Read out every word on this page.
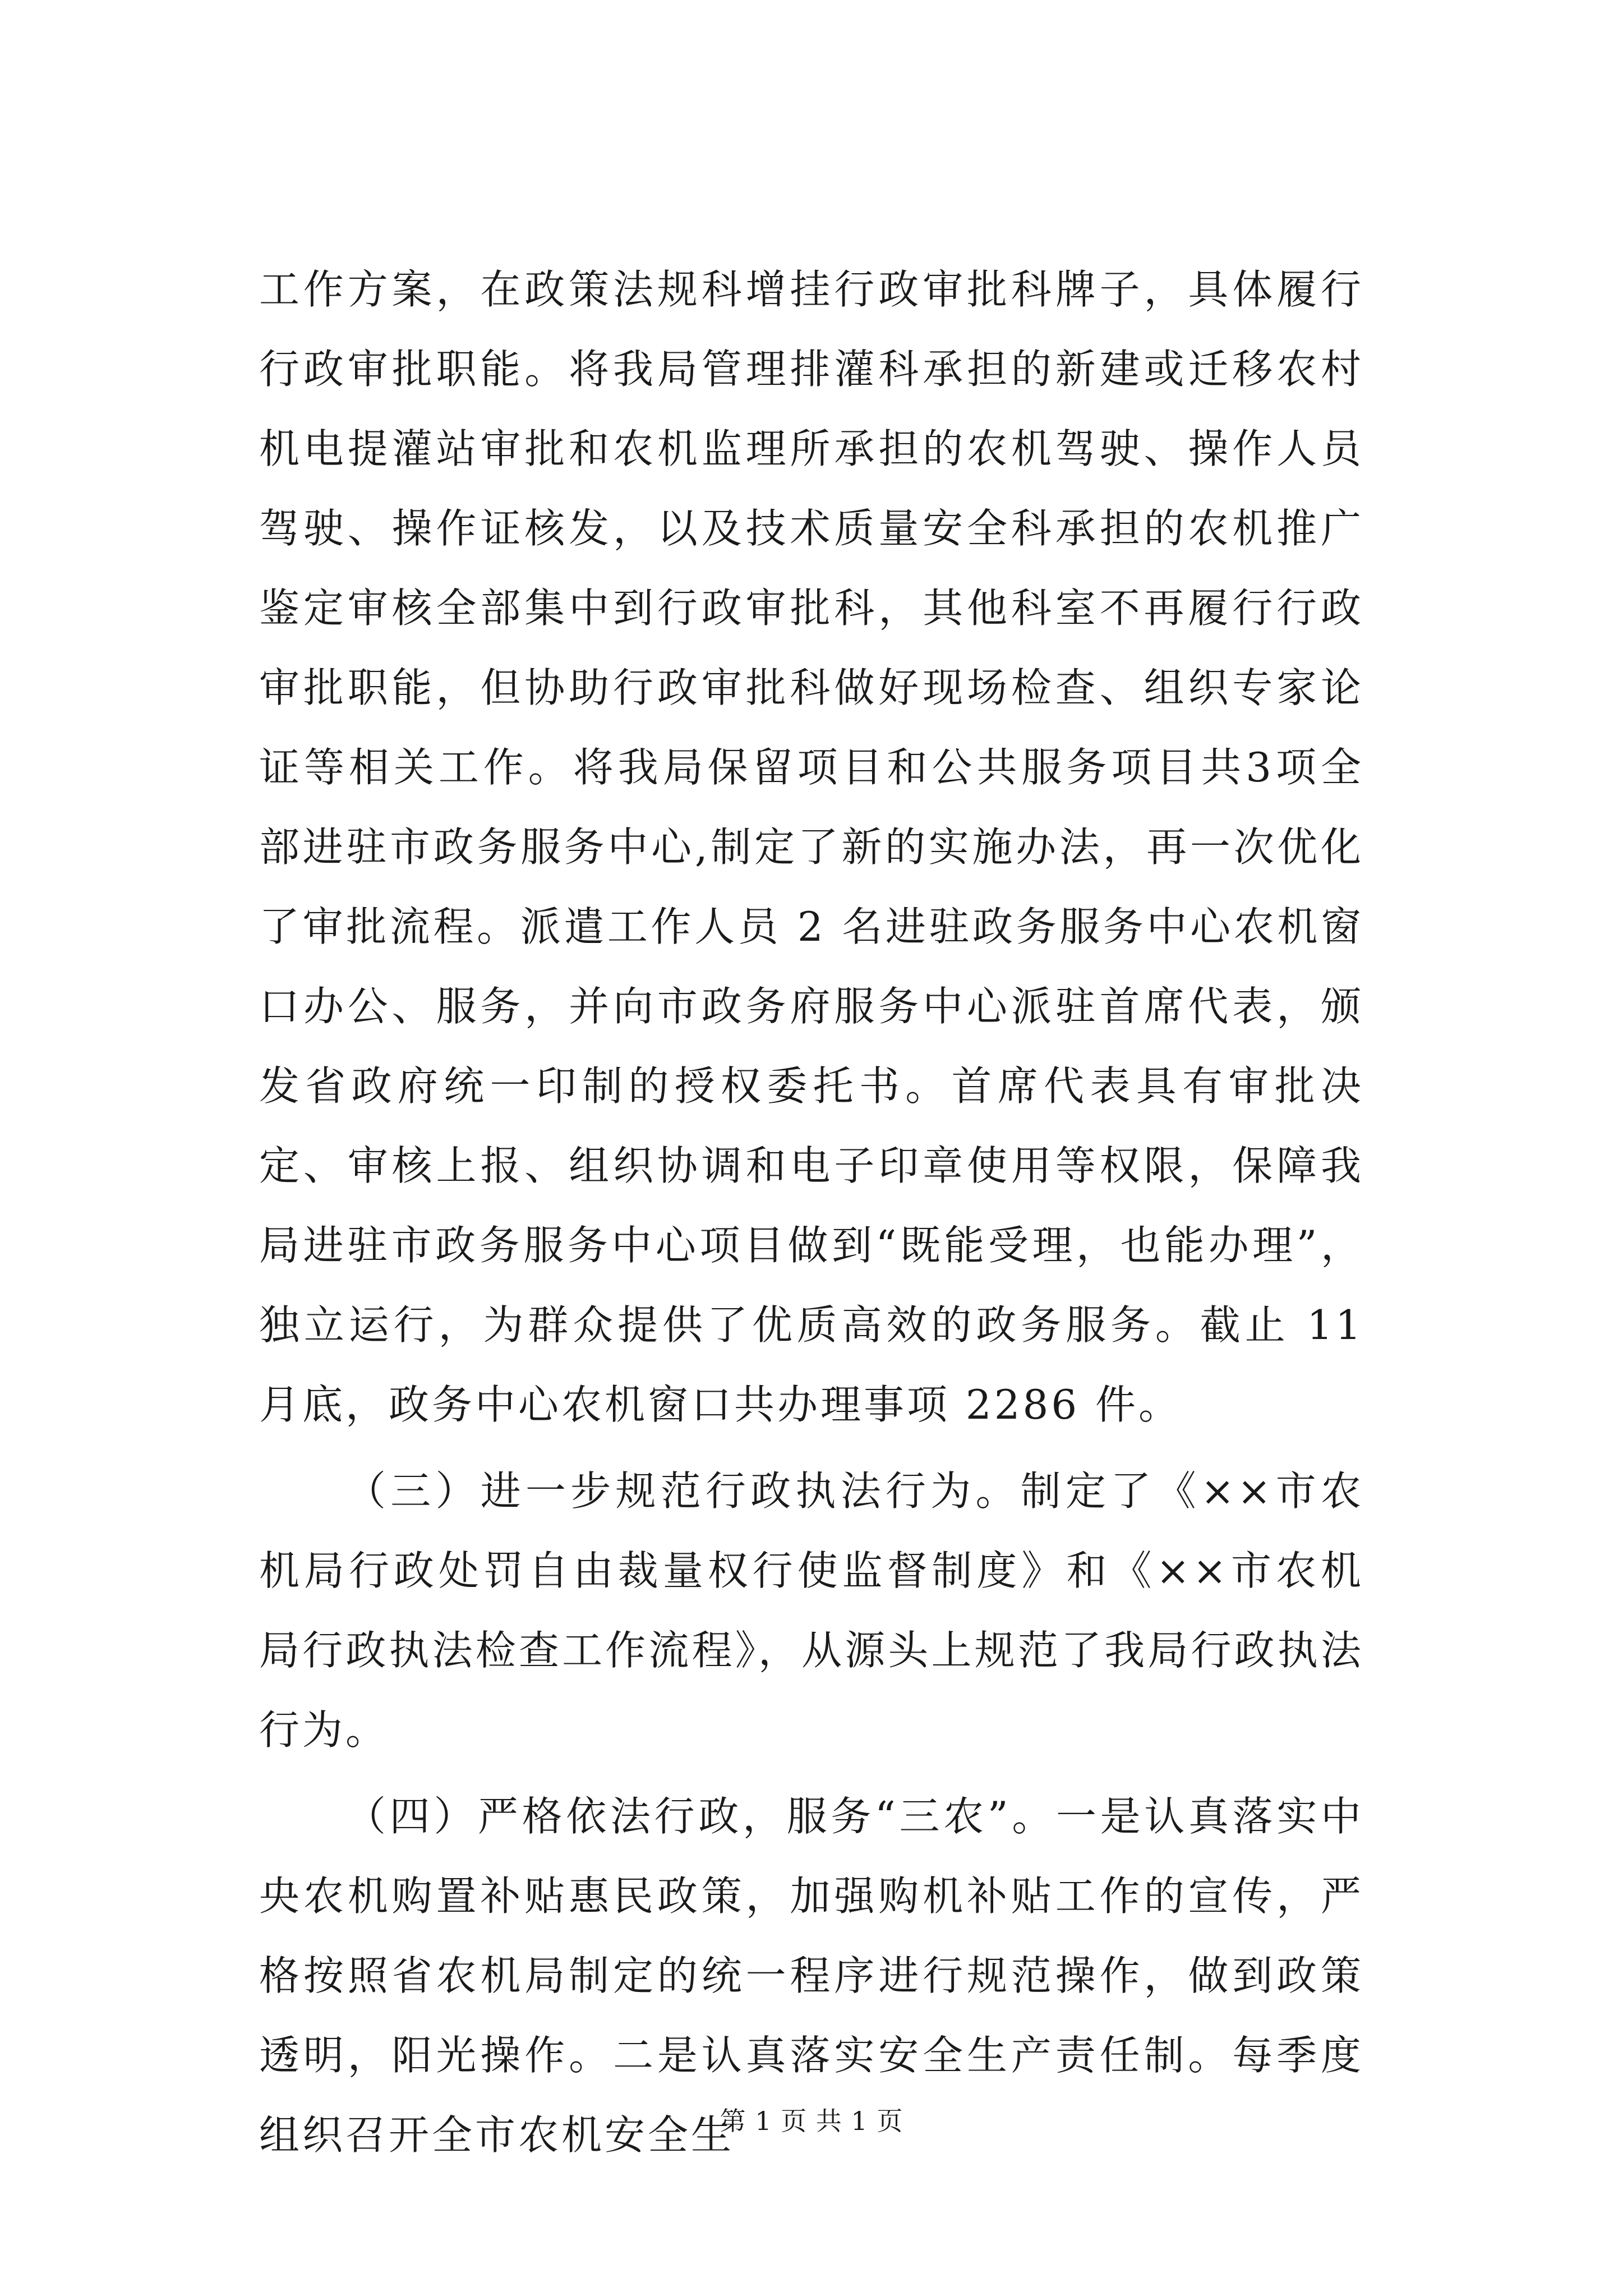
工作方案，在政策法规科增挂行政审批科牌子，具体履行行政审批职能。将我局管理排灌科承担的新建或迁移农村机电提灌站审批和农机监理所承担的农机驾驶、操作人员驾驶、操作证核发，以及技术质量安全科承担的农机推广鉴定审核全部集中到行政审批科，其他科室不再履行行政审批职能，但协助行政审批科做好现场检查、组织专家论证等相关工作。将我局保留项目和公共服务项目共3项全部进驻市政务服务中心,制定了新的实施办法，再一次优化了审批流程。派遣工作人员 2 名进驻政务服务中心农机窗口办公、服务，并向市政务府服务中心派驻首席代表，颁发省政府统一印制的授权委托书。首席代表具有审批决定、审核上报、组织协调和电子印章使用等权限，保障我局进驻市政务服务中心项目做到“既能受理，也能办理”，独立运行，为群众提供了优质高效的政务服务。截止 11 月底，政务中心农机窗口共办理事项 2286 件。

（三）进一步规范行政执法行为。制定了《××市农机局行政处罚自由裁量权行使监督制度》和《××市农机局行政执法检查工作流程》，从源头上规范了我局行政执法行为。

（四）严格依法行政，服务“三农”。一是认真落实中央农机购置补贴惠民政策，加强购机补贴工作的宣传，严格按照省农机局制定的统一程序进行规范操作，做到政策透明，阳光操作。二是认真落实安全生产责任制。每季度组织召开全市农机安全生

第 1 页 共 1 页
